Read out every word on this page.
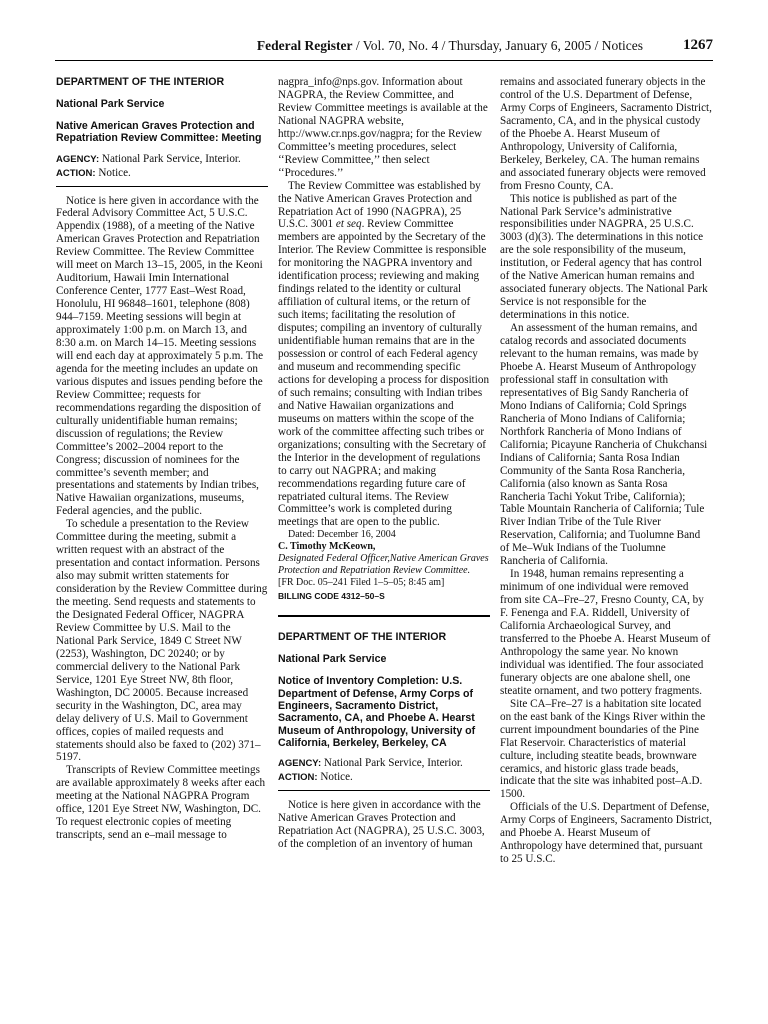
Federal Register / Vol. 70, No. 4 / Thursday, January 6, 2005 / Notices	1267
DEPARTMENT OF THE INTERIOR
National Park Service
Native American Graves Protection and Repatriation Review Committee: Meeting

AGENCY: National Park Service, Interior.

ACTION: Notice.

Notice is here given in accordance with the Federal Advisory Committee Act, 5 U.S.C. Appendix (1988), of a meeting of the Native American Graves Protection and Repatriation Review Committee. The Review Committee will meet on March 13–15, 2005, in the Keoni Auditorium, Hawaii Imin International Conference Center, 1777 East–West Road, Honolulu, HI 96848–1601, telephone (808) 944–7159. Meeting sessions will begin at approximately 1:00 p.m. on March 13, and 8:30 a.m. on March 14–15. Meeting sessions will end each day at approximately 5 p.m. The agenda for the meeting includes an update on various disputes and issues pending before the Review Committee; requests for recommendations regarding the disposition of culturally unidentifiable human remains; discussion of regulations; the Review Committee’s 2002–2004 report to the Congress; discussion of nominees for the committee’s seventh member; and presentations and statements by Indian tribes, Native Hawaiian organizations, museums, Federal agencies, and the public.

To schedule a presentation to the Review Committee during the meeting, submit a written request with an abstract of the presentation and contact information. Persons also may submit written statements for consideration by the Review Committee during the meeting. Send requests and statements to the Designated Federal Officer, NAGPRA Review Committee by U.S. Mail to the National Park Service, 1849 C Street NW (2253), Washington, DC 20240; or by commercial delivery to the National Park Service, 1201 Eye Street NW, 8th floor, Washington, DC 20005. Because increased security in the Washington, DC, area may delay delivery of U.S. Mail to Government offices, copies of mailed requests and statements should also be faxed to (202) 371–5197.

Transcripts of Review Committee meetings are available approximately 8 weeks after each meeting at the National NAGPRA Program office, 1201 Eye Street NW, Washington, DC. To request electronic copies of meeting transcripts, send an e–mail message to

nagpra_info@nps.gov. Information about NAGPRA, the Review Committee, and Review Committee meetings is available at the National NAGPRA website, http://www.cr.nps.gov/nagpra; for the Review Committee’s meeting procedures, select ‘‘Review Committee,’’ then select ‘‘Procedures.’’

The Review Committee was established by the Native American Graves Protection and Repatriation Act of 1990 (NAGPRA), 25 U.S.C. 3001 et seq. Review Committee members are appointed by the Secretary of the Interior. The Review Committee is responsible for monitoring the NAGPRA inventory and identification process; reviewing and making findings related to the identity or cultural affiliation of cultural items, or the return of such items; facilitating the resolution of disputes; compiling an inventory of culturally unidentifiable human remains that are in the possession or control of each Federal agency and museum and recommending specific actions for developing a process for disposition of such remains; consulting with Indian tribes and Native Hawaiian organizations and museums on matters within the scope of the work of the committee affecting such tribes or organizations; consulting with the Secretary of the Interior in the development of regulations to carry out NAGPRA; and making recommendations regarding future care of repatriated cultural items. The Review Committee’s work is completed during meetings that are open to the public.

Dated: December 16, 2004

C. Timothy McKeown,

Designated Federal Officer,Native American Graves Protection and Repatriation Review Committee.

[FR Doc. 05–241 Filed 1–5–05; 8:45 am]

BILLING CODE 4312–50–S
DEPARTMENT OF THE INTERIOR
National Park Service
Notice of Inventory Completion: U.S. Department of Defense, Army Corps of Engineers, Sacramento District, Sacramento, CA, and Phoebe A. Hearst Museum of Anthropology, University of California, Berkeley, Berkeley, CA

AGENCY: National Park Service, Interior.

ACTION: Notice.

Notice is here given in accordance with the Native American Graves Protection and Repatriation Act (NAGPRA), 25 U.S.C. 3003, of the completion of an inventory of human

remains and associated funerary objects in the control of the U.S. Department of Defense, Army Corps of Engineers, Sacramento District, Sacramento, CA, and in the physical custody of the Phoebe A. Hearst Museum of Anthropology, University of California, Berkeley, Berkeley, CA. The human remains and associated funerary objects were removed from Fresno County, CA.

This notice is published as part of the National Park Service’s administrative responsibilities under NAGPRA, 25 U.S.C. 3003 (d)(3). The determinations in this notice are the sole responsibility of the museum, institution, or Federal agency that has control of the Native American human remains and associated funerary objects. The National Park Service is not responsible for the determinations in this notice.

An assessment of the human remains, and catalog records and associated documents relevant to the human remains, was made by Phoebe A. Hearst Museum of Anthropology professional staff in consultation with representatives of Big Sandy Rancheria of Mono Indians of California; Cold Springs Rancheria of Mono Indians of California; Northfork Rancheria of Mono Indians of California; Picayune Rancheria of Chukchansi Indians of California; Santa Rosa Indian Community of the Santa Rosa Rancheria, California (also known as Santa Rosa Rancheria Tachi Yokut Tribe, California); Table Mountain Rancheria of California; Tule River Indian Tribe of the Tule River Reservation, California; and Tuolumne Band of Me–Wuk Indians of the Tuolumne Rancheria of California.

In 1948, human remains representing a minimum of one individual were removed from site CA–Fre–27, Fresno County, CA, by F. Fenenga and F.A. Riddell, University of California Archaeological Survey, and transferred to the Phoebe A. Hearst Museum of Anthropology the same year. No known individual was identified. The four associated funerary objects are one abalone shell, one steatite ornament, and two pottery fragments.

Site CA–Fre–27 is a habitation site located on the east bank of the Kings River within the current impoundment boundaries of the Pine Flat Reservoir. Characteristics of material culture, including steatite beads, brownware ceramics, and historic glass trade beads, indicate that the site was inhabited post–A.D. 1500.

Officials of the U.S. Department of Defense, Army Corps of Engineers, Sacramento District, and Phoebe A. Hearst Museum of Anthropology have determined that, pursuant to 25 U.S.C.
